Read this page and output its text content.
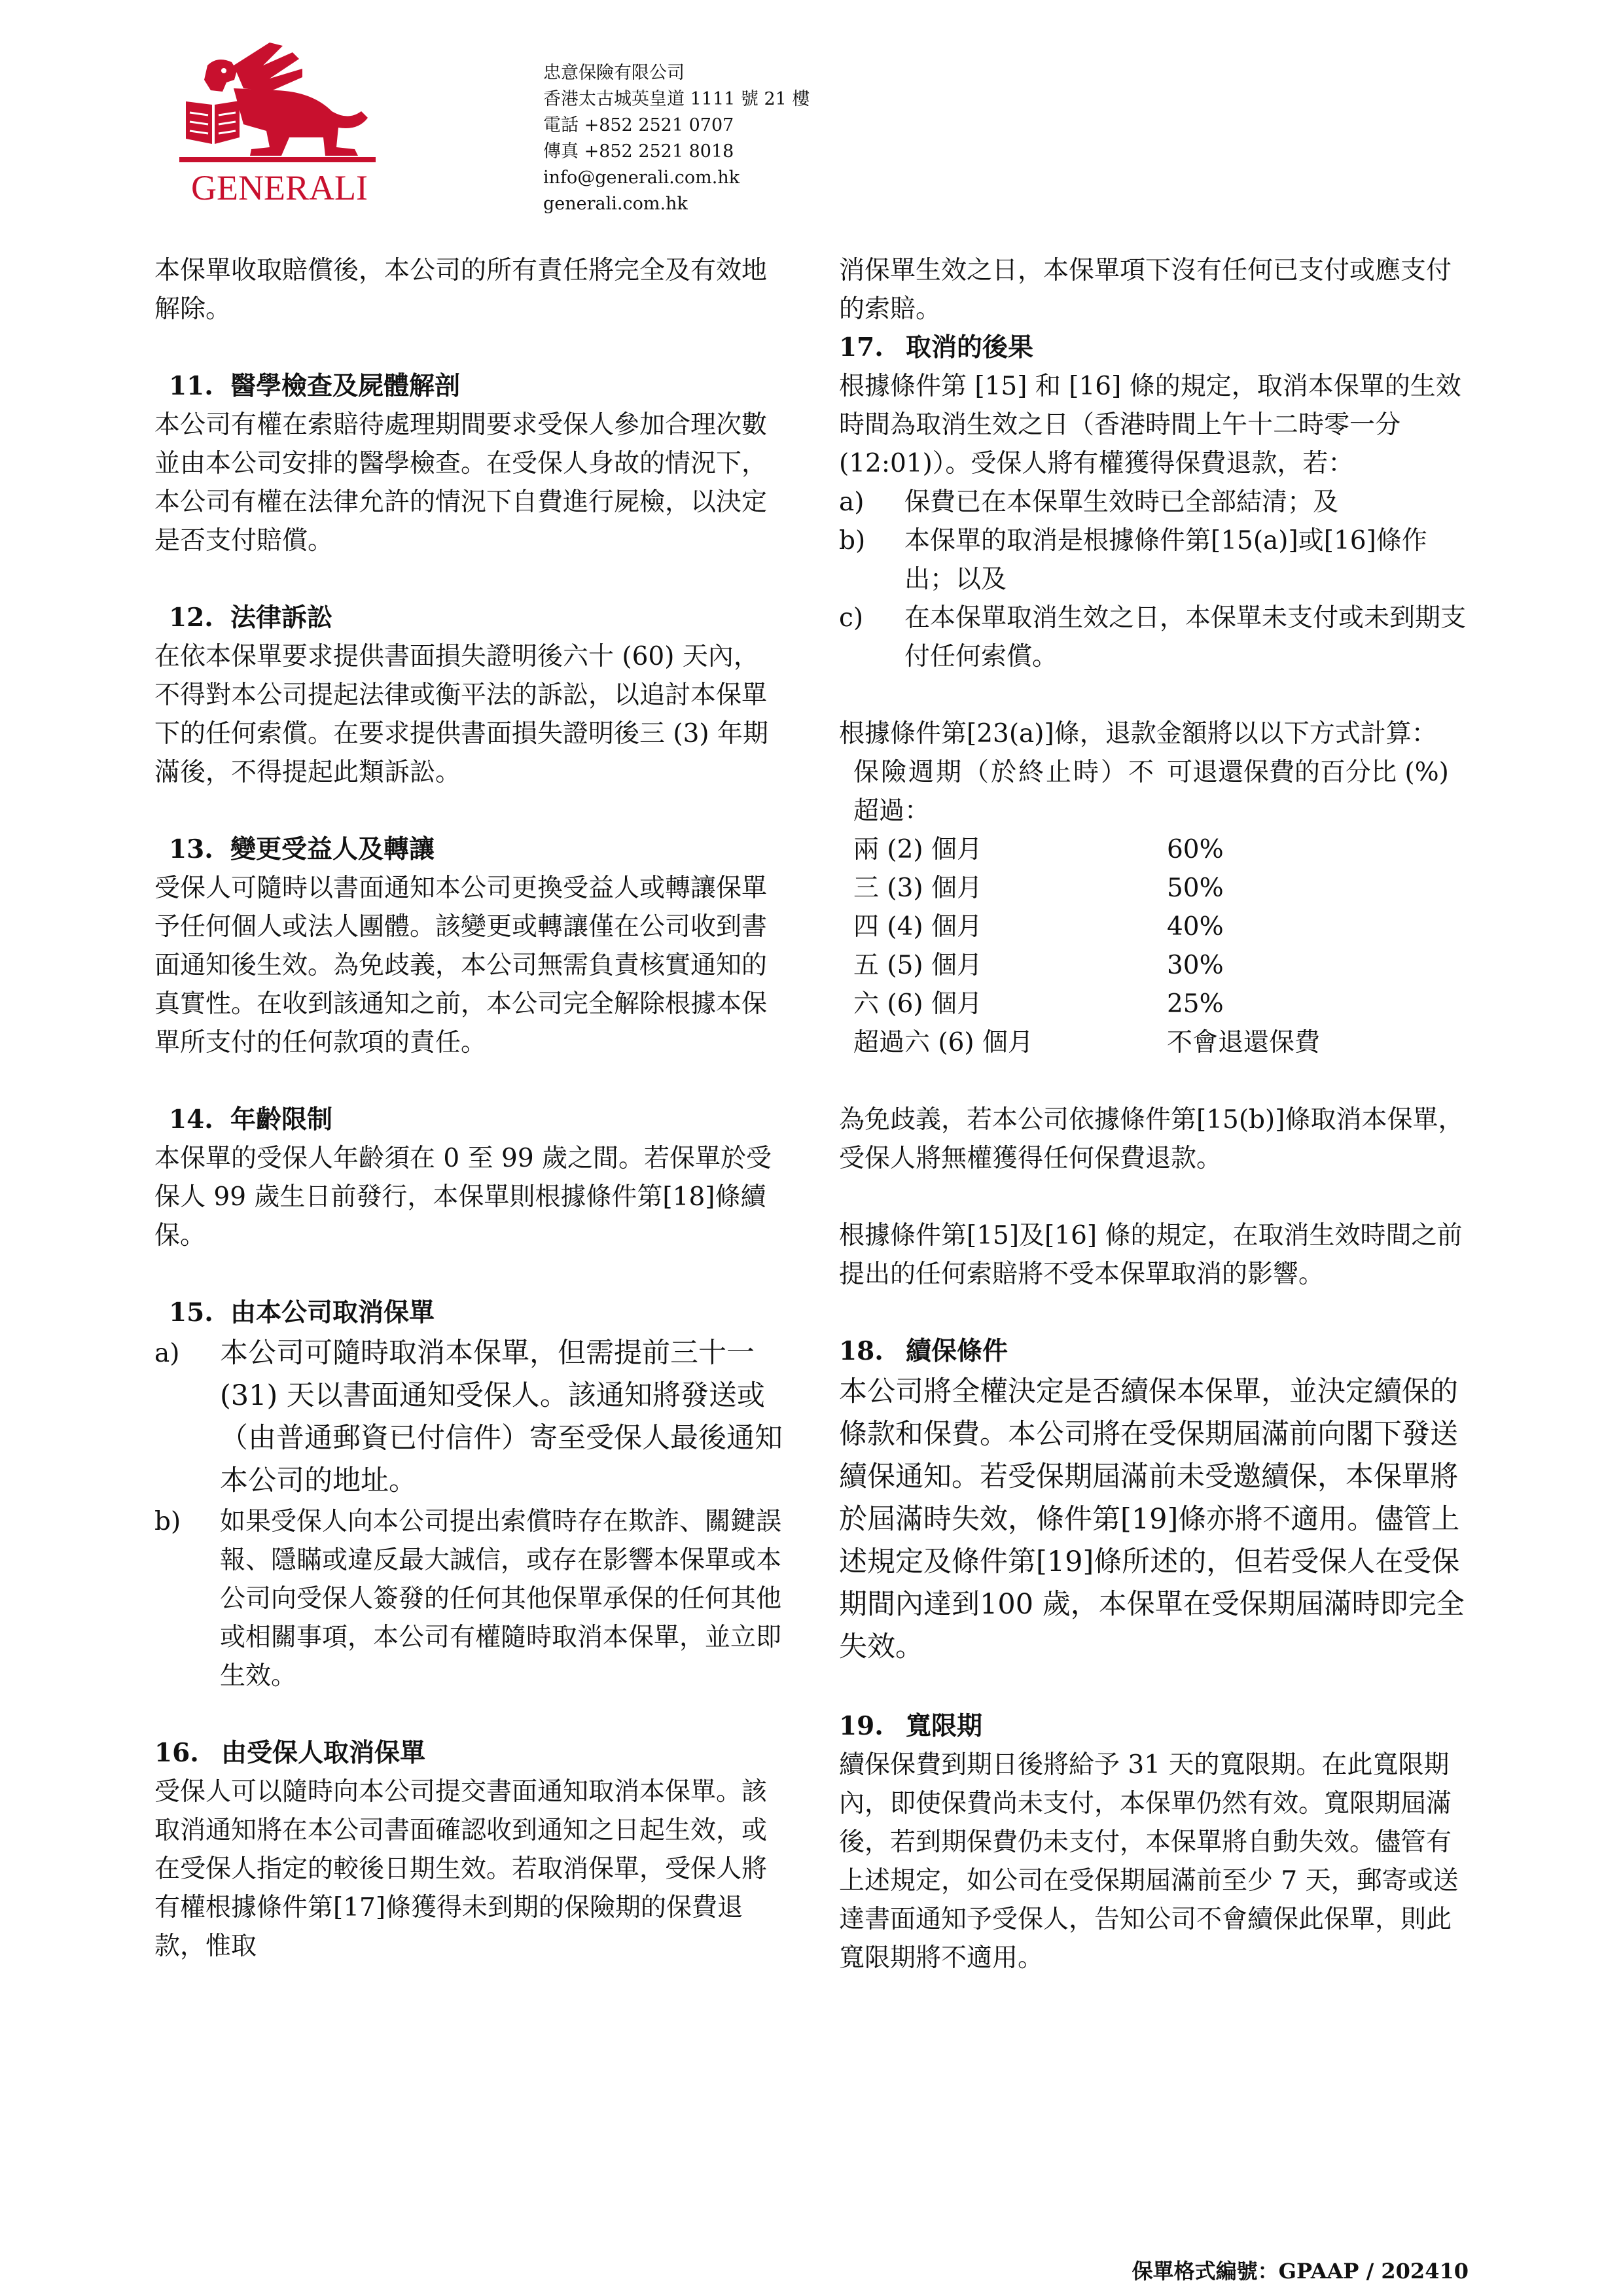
GENERALI
忠意保險有限公司
香港太古城英皇道 1111 號 21 樓
電話 +852 2521 0707
傳真 +852 2521 8018
info@generali.com.hk
generali.com.hk

本保單收取賠償後，本公司的所有責任將完全及有效地解除。

11. 醫學檢查及屍體解剖

本公司有權在索賠待處理期間要求受保人參加合理次數並由本公司安排的醫學檢查。在受保人身故的情況下，本公司有權在法律允許的情況下自費進行屍檢，以決定是否支付賠償。

12. 法律訴訟

在依本保單要求提供書面損失證明後六十 (60) 天內，不得對本公司提起法律或衡平法的訴訟，以追討本保單下的任何索償。在要求提供書面損失證明後三 (3) 年期滿後，不得提起此類訴訟。

13. 變更受益人及轉讓

受保人可隨時以書面通知本公司更換受益人或轉讓保單予任何個人或法人團體。該變更或轉讓僅在公司收到書面通知後生效。為免歧義，本公司無需負責核實通知的真實性。在收到該通知之前，本公司完全解除根據本保單所支付的任何款項的責任。

14. 年齡限制

本保單的受保人年齡須在 0 至 99 歲之間。若保單於受保人 99 歲生日前發行，本保單則根據條件第[18]條續保。

15. 由本公司取消保單

a)	本公司可隨時取消本保單，但需提前三十一 (31) 天以書面通知受保人。該通知將發送或（由普通郵資已付信件）寄至受保人最後通知本公司的地址。
b)	如果受保人向本公司提出索償時存在欺詐、關鍵誤報、隱瞞或違反最大誠信，或存在影響本保單或本公司向受保人簽發的任何其他保單承保的任何其他或相關事項，本公司有權隨時取消本保單，並立即生效。

16. 由受保人取消保單

受保人可以隨時向本公司提交書面通知取消本保單。該取消通知將在本公司書面確認收到通知之日起生效，或在受保人指定的較後日期生效。若取消保單，受保人將有權根據條件第[17]條獲得未到期的保險期的保費退款，惟取

消保單生效之日，本保單項下沒有任何已支付或應支付的索賠。

17. 取消的後果

根據條件第 [15] 和 [16] 條的規定，取消本保單的生效時間為取消生效之日（香港時間上午十二時零一分 (12:01)）。受保人將有權獲得保費退款，若：

a)	保費已在本保單生效時已全部結清；及
b)	本保單的取消是根據條件第[15(a)]或[16]條作出；以及
c)	在本保單取消生效之日，本保單未支付或未到期支付任何索償。

根據條件第[23(a)]條，退款金額將以以下方式計算：

保險週期（於終止時）不超過：	可退還保費的百分比 (%)
兩 (2) 個月	60%
三 (3) 個月	50%
四 (4) 個月	40%
五 (5) 個月	30%
六 (6) 個月	25%
超過六 (6) 個月	不會退還保費

為免歧義，若本公司依據條件第[15(b)]條取消本保單，受保人將無權獲得任何保費退款。

根據條件第[15]及[16] 條的規定，在取消生效時間之前提出的任何索賠將不受本保單取消的影響。

18. 續保條件

本公司將全權決定是否續保本保單，並決定續保的條款和保費。本公司將在受保期屆滿前向閣下發送續保通知。若受保期屆滿前未受邀續保，本保單將於屆滿時失效，條件第[19]條亦將不適用。儘管上述規定及條件第[19]條所述的，但若受保人在受保期間內達到100 歲，本保單在受保期屆滿時即完全失效。

19. 寬限期

續保保費到期日後將給予 31 天的寬限期。在此寬限期內，即使保費尚未支付，本保單仍然有效。寬限期屆滿後，若到期保費仍未支付，本保單將自動失效。儘管有上述規定，如公司在受保期屆滿前至少 7 天，郵寄或送達書面通知予受保人，告知公司不會續保此保單，則此寬限期將不適用。

保單格式編號：GPAAP / 202410
